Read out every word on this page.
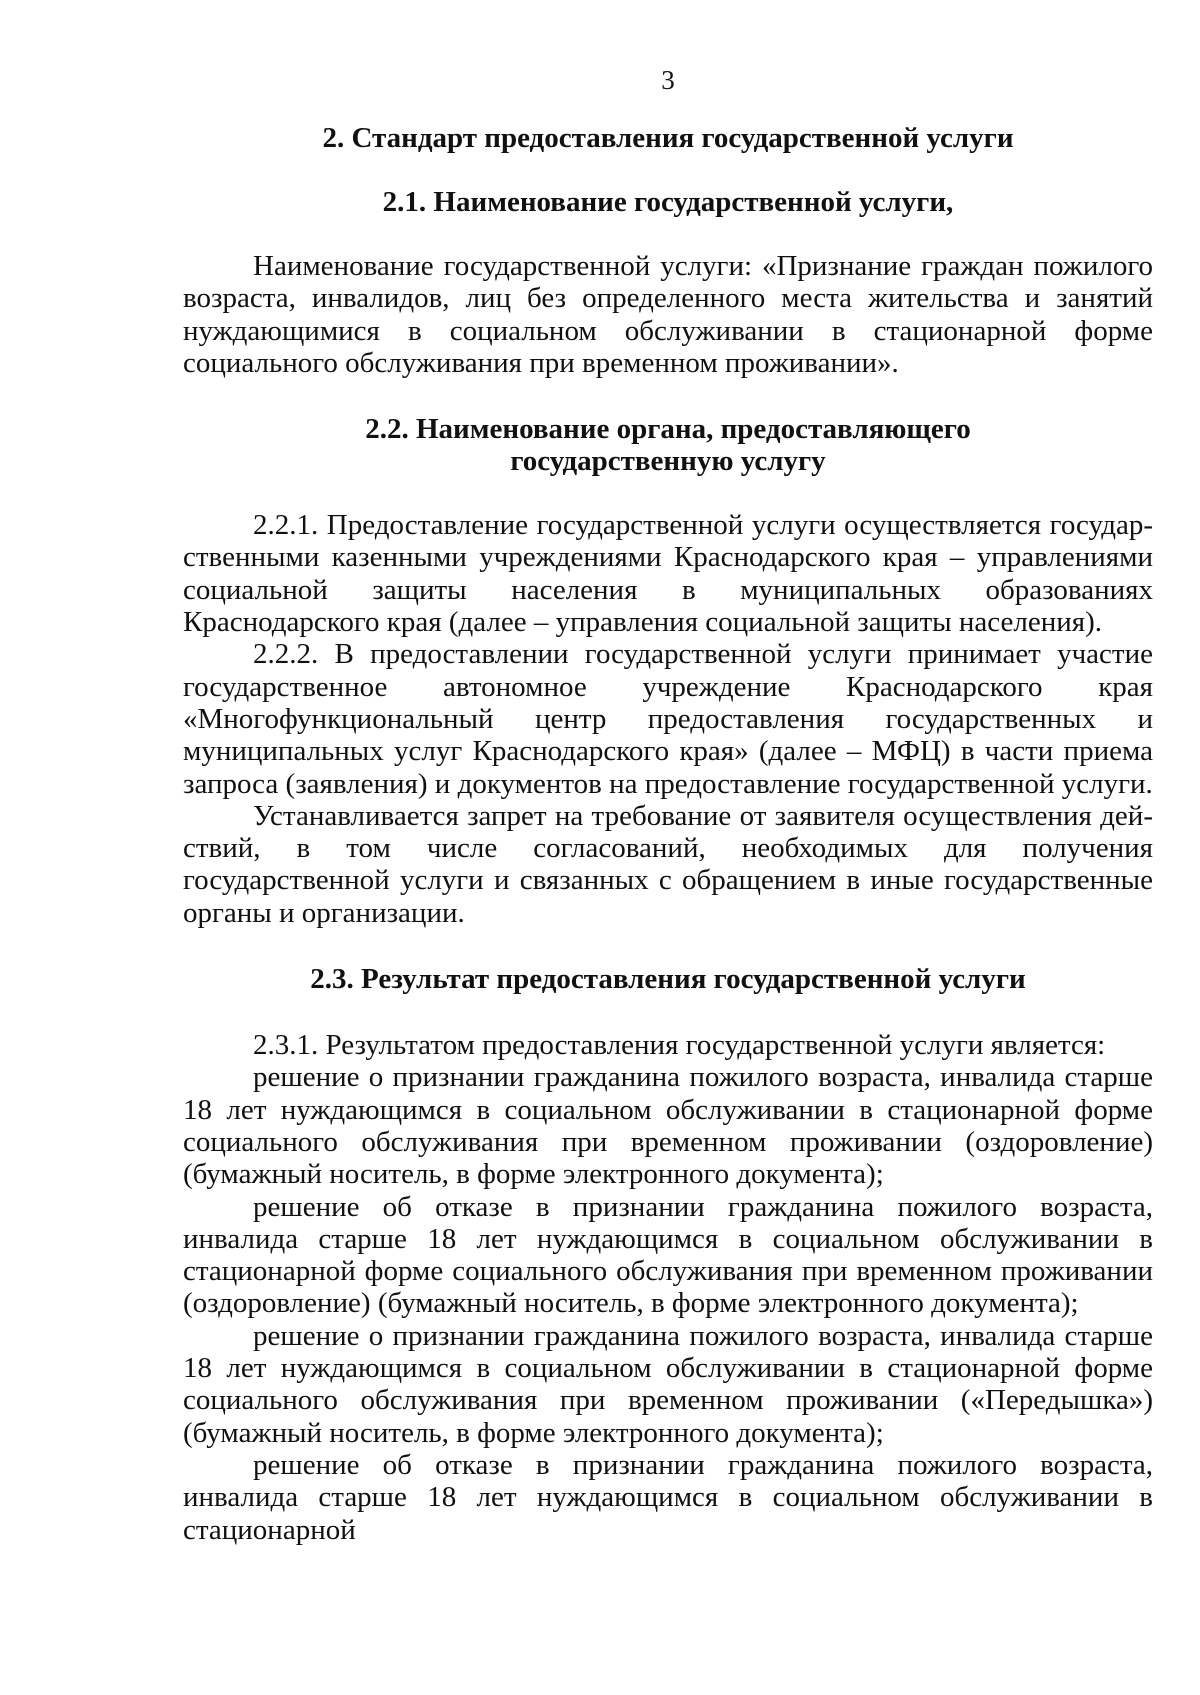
3
2. Стандарт предоставления государственной услуги
2.1. Наименование государственной услуги,

Наименование государственной услуги: «Признание граждан пожилого возраста, инвалидов, лиц без определенного места жительства и занятий нуждающимися в социальном обслуживании в стационарной форме социального обслуживания при временном проживании».

2.2. Наименование органа, предоставляющего
государственную услугу

2.2.1. Предоставление государственной услуги осуществляется государственными казенными учреждениями Краснодарского края – управлениями социальной защиты населения в муниципальных образованиях Краснодарского края (далее – управления социальной защиты населения).

2.2.2. В предоставлении государственной услуги принимает участие государственное автономное учреждение Краснодарского края «Многофункциональный центр предоставления государственных и муниципальных услуг Краснодарского края» (далее – МФЦ) в части приема запроса (заявления) и документов на предоставление государственной услуги.

Устанавливается запрет на требование от заявителя осуществления действий, в том числе согласований, необходимых для получения государственной услуги и связанных с обращением в иные государственные органы и организации.

2.3. Результат предоставления государственной услуги

2.3.1. Результатом предоставления государственной услуги является:

решение о признании гражданина пожилого возраста, инвалида старше 18 лет нуждающимся в социальном обслуживании в стационарной форме социального обслуживания при временном проживании (оздоровление) (бумажный носитель, в форме электронного документа);

решение об отказе в признании гражданина пожилого возраста, инвалида старше 18 лет нуждающимся в социальном обслуживании в стационарной форме социального обслуживания при временном проживании (оздоровление) (бумажный носитель, в форме электронного документа);

решение о признании гражданина пожилого возраста, инвалида старше 18 лет нуждающимся в социальном обслуживании в стационарной форме социального обслуживания при временном проживании («Передышка») (бумажный носитель, в форме электронного документа);

решение об отказе в признании гражданина пожилого возраста, инвалида старше 18 лет нуждающимся в социальном обслуживании в стационарной
